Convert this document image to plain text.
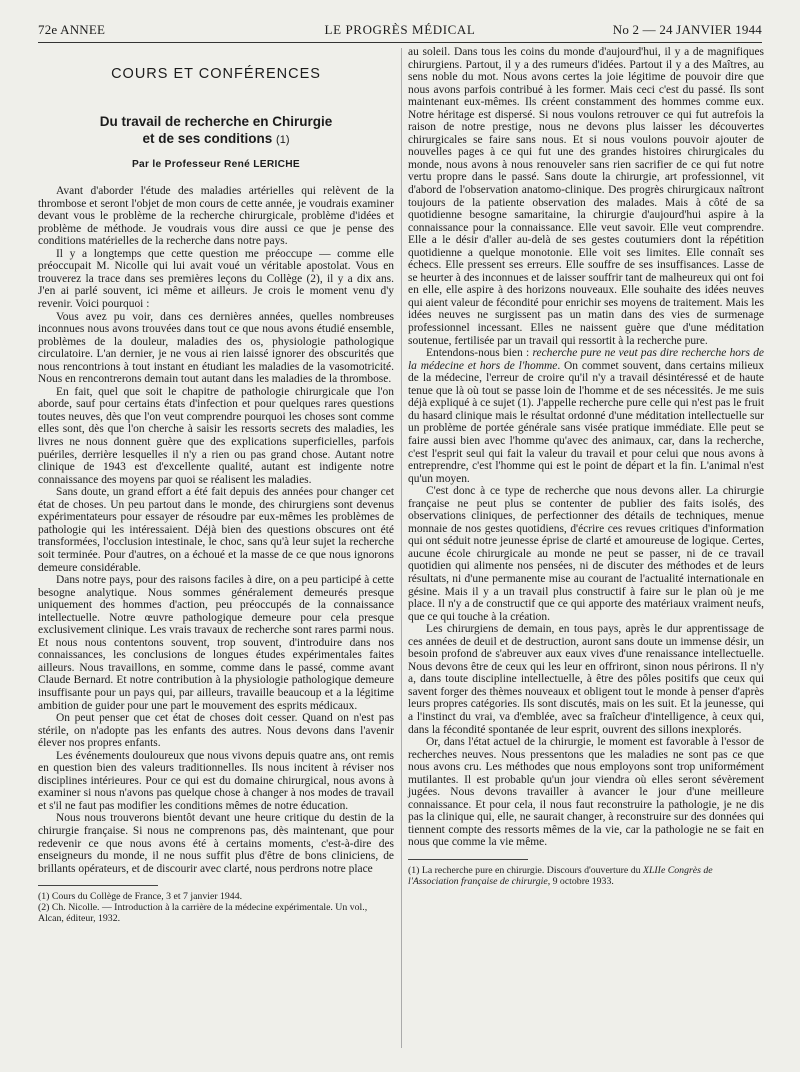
72e ANNEE	LE PROGRÈS MÉDICAL	No 2 — 24 JANVIER 1944
COURS ET CONFÉRENCES
Du travail de recherche en Chirurgie
et de ses conditions (1)
Par le Professeur René LERICHE

Avant d'aborder l'étude des maladies artérielles qui relèvent de la thrombose et seront l'objet de mon cours de cette année, je voudrais examiner devant vous le problème de la recherche chirurgicale, problème d'idées et problème de méthode. Je voudrais vous dire aussi ce que je pense des conditions matérielles de la recherche dans notre pays.

Il y a longtemps que cette question me préoccupe — comme elle préoccupait M. Nicolle qui lui avait voué un véritable apostolat. Vous en trouverez la trace dans ses premières leçons du Collège (2), il y a dix ans. J'en ai parlé souvent, ici même et ailleurs. Je crois le moment venu d'y revenir. Voici pourquoi :

Vous avez pu voir, dans ces dernières années, quelles nombreuses inconnues nous avons trouvées dans tout ce que nous avons étudié ensemble, problèmes de la douleur, maladies des os, physiologie pathologique circulatoire. L'an dernier, je ne vous ai rien laissé ignorer des obscurités que nous rencontrions à tout instant en étudiant les maladies de la vasomotricité. Nous en rencontrerons demain tout autant dans les maladies de la thrombose.

En fait, quel que soit le chapitre de pathologie chirurgicale que l'on aborde, sauf pour certains états d'infection et pour quelques rares questions toutes neuves, dès que l'on veut comprendre pourquoi les choses sont comme elles sont, dès que l'on cherche à saisir les ressorts secrets des maladies, les livres ne nous donnent guère que des explications superficielles, parfois puériles, derrière lesquelles il n'y a rien ou pas grand chose. Autant notre clinique de 1943 est d'excellente qualité, autant est indigente notre connaissance des moyens par quoi se réalisent les maladies.

Sans doute, un grand effort a été fait depuis des années pour changer cet état de choses. Un peu partout dans le monde, des chirurgiens sont devenus expérimentateurs pour essayer de résoudre par eux-mêmes les problèmes de pathologie qui les intéressaient. Déjà bien des questions obscures ont été transformées, l'occlusion intestinale, le choc, sans qu'à leur sujet la recherche soit terminée. Pour d'autres, on a échoué et la masse de ce que nous ignorons demeure considérable.

Dans notre pays, pour des raisons faciles à dire, on a peu participé à cette besogne analytique. Nous sommes généralement demeurés presque uniquement des hommes d'action, peu préoccupés de la connaissance intellectuelle. Notre œuvre pathologique demeure pour cela presque exclusivement clinique. Les vrais travaux de recherche sont rares parmi nous. Et nous nous contentons souvent, trop souvent, d'introduire dans nos connaissances, les conclusions de longues études expérimentales faites ailleurs. Nous travaillons, en somme, comme dans le passé, comme avant Claude Bernard. Et notre contribution à la physiologie pathologique demeure insuffisante pour un pays qui, par ailleurs, travaille beaucoup et a la légitime ambition de guider pour une part le mouvement des esprits médicaux.

On peut penser que cet état de choses doit cesser. Quand on n'est pas stérile, on n'adopte pas les enfants des autres. Nous devons dans l'avenir élever nos propres enfants.

Les événements douloureux que nous vivons depuis quatre ans, ont remis en question bien des valeurs traditionnelles. Ils nous incitent à réviser nos disciplines intérieures. Pour ce qui est du domaine chirurgical, nous avons à examiner si nous n'avons pas quelque chose à changer à nos modes de travail et s'il ne faut pas modifier les conditions mêmes de notre éducation.

Nous nous trouverons bientôt devant une heure critique du destin de la chirurgie française. Si nous ne comprenons pas, dès maintenant, que pour redevenir ce que nous avons été à certains moments, c'est-à-dire des enseigneurs du monde, il ne nous suffit plus d'être de bons cliniciens, de brillants opérateurs, et de discourir avec clarté, nous perdrons notre place

(1) Cours du Collège de France, 3 et 7 janvier 1944.
(2) Ch. Nicolle. — Introduction à la carrière de la médecine expérimentale. Un vol., Alcan, éditeur, 1932.

au soleil. Dans tous les coins du monde d'aujourd'hui, il y a de magnifiques chirurgiens. Partout, il y a des rumeurs d'idées. Partout il y a des Maîtres, au sens noble du mot. Nous avons certes la joie légitime de pouvoir dire que nous avons parfois contribué à les former. Mais ceci c'est du passé. Ils sont maintenant eux-mêmes. Ils créent constamment des hommes comme eux. Notre héritage est dispersé. Si nous voulons retrouver ce qui fut autrefois la raison de notre prestige, nous ne devons plus laisser les découvertes chirurgicales se faire sans nous. Et si nous voulons pouvoir ajouter de nouvelles pages à ce qui fut une des grandes histoires chirurgicales du monde, nous avons à nous renouveler sans rien sacrifier de ce qui fut notre vertu propre dans le passé. Sans doute la chirurgie, art professionnel, vit d'abord de l'observation anatomo-clinique. Des progrès chirurgicaux naîtront toujours de la patiente observation des malades. Mais à côté de sa quotidienne besogne samaritaine, la chirurgie d'aujourd'hui aspire à la connaissance pour la connaissance. Elle veut savoir. Elle veut comprendre. Elle a le désir d'aller au-delà de ses gestes coutumiers dont la répétition quotidienne a quelque monotonie. Elle voit ses limites. Elle connaît ses échecs. Elle pressent ses erreurs. Elle souffre de ses insuffisances. Lasse de se heurter à des inconnues et de laisser souffrir tant de malheureux qui ont foi en elle, elle aspire à des horizons nouveaux. Elle souhaite des idées neuves qui aient valeur de fécondité pour enrichir ses moyens de traitement. Mais les idées neuves ne surgissent pas un matin dans des vies de surmenage professionnel incessant. Elles ne naissent guère que d'une méditation soutenue, fertilisée par un travail qui ressortit à la recherche pure.

Entendons-nous bien : recherche pure ne veut pas dire recherche hors de la médecine et hors de l'homme. On commet souvent, dans certains milieux de la médecine, l'erreur de croire qu'il n'y a travail désintéressé et de haute tenue que là où tout se passe loin de l'homme et de ses nécessités. Je me suis déjà expliqué à ce sujet (1). J'appelle recherche pure celle qui n'est pas le fruit du hasard clinique mais le résultat ordonné d'une méditation intellectuelle sur un problème de portée générale sans visée pratique immédiate. Elle peut se faire aussi bien avec l'homme qu'avec des animaux, car, dans la recherche, c'est l'esprit seul qui fait la valeur du travail et pour celui que nous avons à entreprendre, c'est l'homme qui est le point de départ et la fin. L'animal n'est qu'un moyen.

C'est donc à ce type de recherche que nous devons aller. La chirurgie française ne peut plus se contenter de publier des faits isolés, des observations cliniques, de perfectionner des détails de techniques, menue monnaie de nos gestes quotidiens, d'écrire ces revues critiques d'information qui ont séduit notre jeunesse éprise de clarté et amoureuse de logique. Certes, aucune école chirurgicale au monde ne peut se passer, ni de ce travail quotidien qui alimente nos pensées, ni de discuter des méthodes et de leurs résultats, ni d'une permanente mise au courant de l'actualité internationale en gésine. Mais il y a un travail plus constructif à faire sur le plan où je me place. Il n'y a de constructif que ce qui apporte des matériaux vraiment neufs, que ce qui touche à la création.

Les chirurgiens de demain, en tous pays, après le dur apprentissage de ces années de deuil et de destruction, auront sans doute un immense désir, un besoin profond de s'abreuver aux eaux vives d'une renaissance intellectuelle. Nous devons être de ceux qui les leur en offriront, sinon nous périrons. Il n'y a, dans toute discipline intellectuelle, à être des pôles positifs que ceux qui savent forger des thèmes nouveaux et obligent tout le monde à penser d'après leurs propres catégories. Ils sont discutés, mais on les suit. Et la jeunesse, qui a l'instinct du vrai, va d'emblée, avec sa fraîcheur d'intelligence, à ceux qui, dans la fécondité spontanée de leur esprit, ouvrent des sillons inexplorés.

Or, dans l'état actuel de la chirurgie, le moment est favorable à l'essor de recherches neuves. Nous pressentons que les maladies ne sont pas ce que nous avons cru. Les méthodes que nous employons sont trop uniformément mutilantes. Il est probable qu'un jour viendra où elles seront sévèrement jugées. Nous devons travailler à avancer le jour d'une meilleure connaissance. Et pour cela, il nous faut reconstruire la pathologie, je ne dis pas la clinique qui, elle, ne saurait changer, à reconstruire sur des données qui tiennent compte des ressorts mêmes de la vie, car la pathologie ne se fait en nous que comme la vie même.

(1) La recherche pure en chirurgie. Discours d'ouverture du XLIIe Congrès de l'Association française de chirurgie, 9 octobre 1933.
